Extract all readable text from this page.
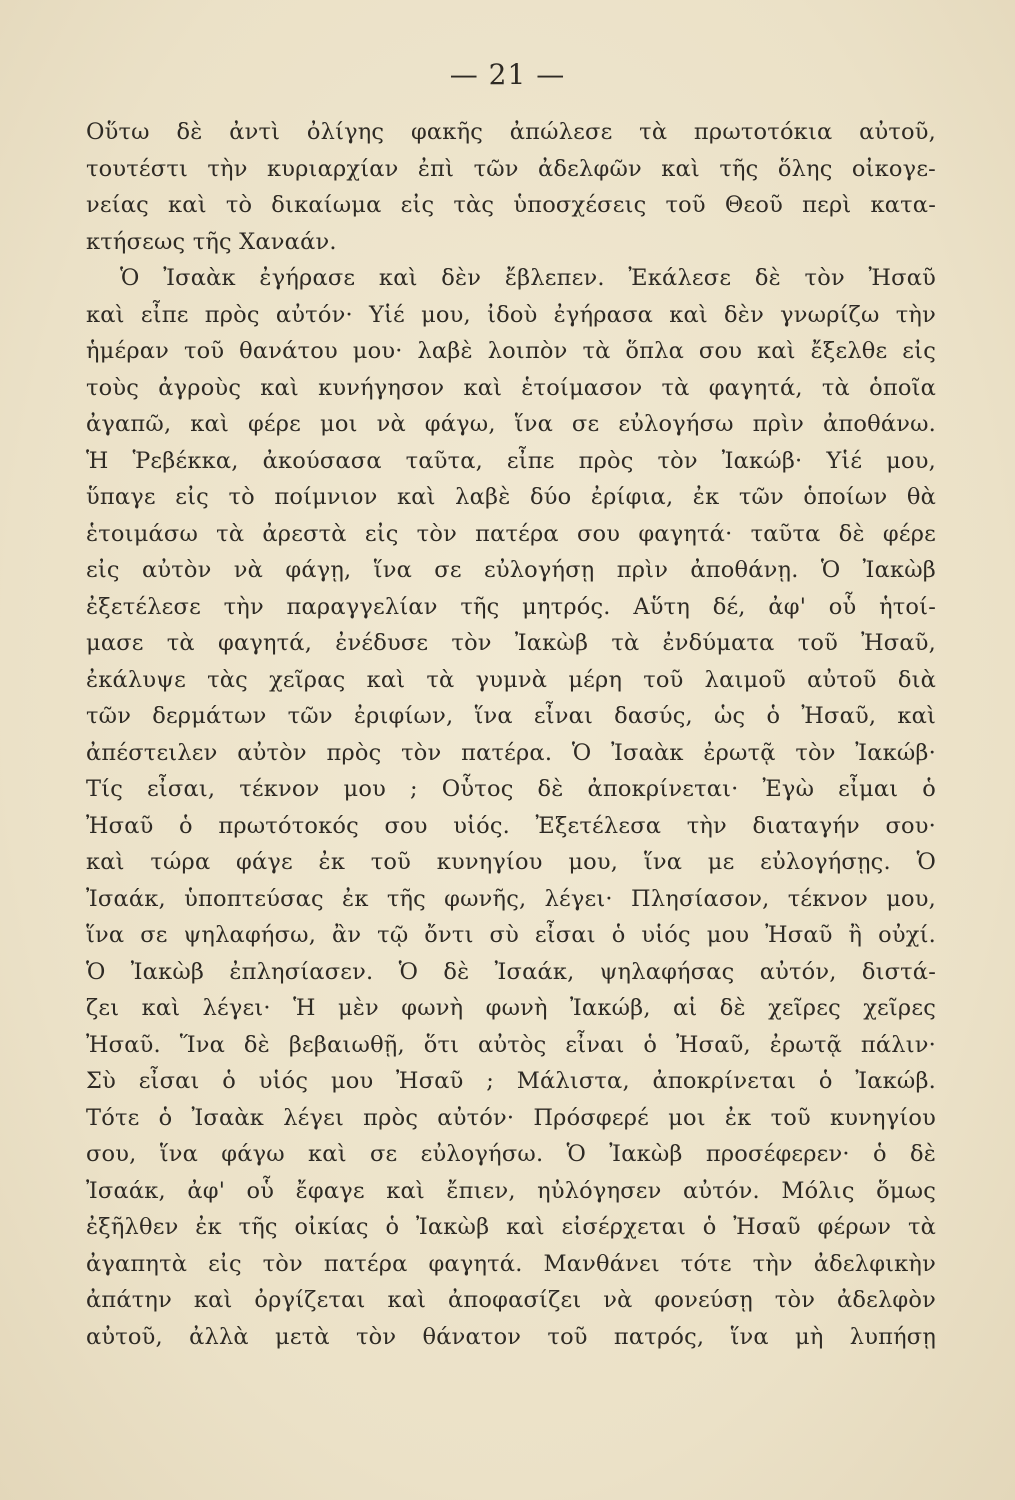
— 21 —
Οὕτω δὲ ἀντὶ ὀλίγης φακῆς ἀπώλεσε τὰ πρωτοτόκια αὐτοῦ,
τουτέστι τὴν κυριαρχίαν ἐπὶ τῶν ἀδελφῶν καὶ τῆς ὅλης οἰκογε-
νείας καὶ τὸ δικαίωμα εἰς τὰς ὑποσχέσεις τοῦ Θεοῦ περὶ κατα-
κτήσεως τῆς Χαναάν.
Ὁ Ἰσαὰκ ἐγήρασε καὶ δὲν ἔβλεπεν. Ἐκάλεσε δὲ τὸν Ἠσαῦ
καὶ εἶπε πρὸς αὐτόν· Υἱέ μου, ἰδοὺ ἐγήρασα καὶ δὲν γνωρίζω τὴν
ἡμέραν τοῦ θανάτου μου· λαβὲ λοιπὸν τὰ ὅπλα σου καὶ ἔξελθε εἰς
τοὺς ἀγροὺς καὶ κυνήγησον καὶ ἑτοίμασον τὰ φαγητά, τὰ ὁποῖα
ἀγαπῶ, καὶ φέρε μοι νὰ φάγω, ἵνα σε εὐλογήσω πρὶν ἀποθάνω.
Ἡ Ῥεβέκκα, ἀκούσασα ταῦτα, εἶπε πρὸς τὸν Ἰακώβ· Υἱέ μου,
ὕπαγε εἰς τὸ ποίμνιον καὶ λαβὲ δύο ἐρίφια, ἐκ τῶν ὁποίων θὰ
ἑτοιμάσω τὰ ἀρεστὰ εἰς τὸν πατέρα σου φαγητά· ταῦτα δὲ φέρε
εἰς αὐτὸν νὰ φάγῃ, ἵνα σε εὐλογήσῃ πρὶν ἀποθάνῃ. Ὁ Ἰακὼβ
ἐξετέλεσε τὴν παραγγελίαν τῆς μητρός. Αὕτη δέ, ἀφ' οὗ ἡτοί-
μασε τὰ φαγητά, ἐνέδυσε τὸν Ἰακὼβ τὰ ἐνδύματα τοῦ Ἠσαῦ,
ἐκάλυψε τὰς χεῖρας καὶ τὰ γυμνὰ μέρη τοῦ λαιμοῦ αὐτοῦ διὰ
τῶν δερμάτων τῶν ἐριφίων, ἵνα εἶναι δασύς, ὡς ὁ Ἠσαῦ, καὶ
ἀπέστειλεν αὐτὸν πρὸς τὸν πατέρα. Ὁ Ἰσαὰκ ἐρωτᾷ τὸν Ἰακώβ·
Τίς εἶσαι, τέκνον μου ; Οὗτος δὲ ἀποκρίνεται· Ἐγὼ εἶμαι ὁ
Ἠσαῦ ὁ πρωτότοκός σου υἱός. Ἐξετέλεσα τὴν διαταγήν σου·
καὶ τώρα φάγε ἐκ τοῦ κυνηγίου μου, ἵνα με εὐλογήσῃς. Ὁ
Ἰσαάκ, ὑποπτεύσας ἐκ τῆς φωνῆς, λέγει· Πλησίασον, τέκνον μου,
ἵνα σε ψηλαφήσω, ἂν τῷ ὄντι σὺ εἶσαι ὁ υἱός μου Ἠσαῦ ἢ οὐχί.
Ὁ Ἰακὼβ ἐπλησίασεν. Ὁ δὲ Ἰσαάκ, ψηλαφήσας αὐτόν, διστά-
ζει καὶ λέγει· Ἡ μὲν φωνὴ φωνὴ Ἰακώβ, αἱ δὲ χεῖρες χεῖρες
Ἠσαῦ. Ἵνα δὲ βεβαιωθῇ, ὅτι αὐτὸς εἶναι ὁ Ἠσαῦ, ἐρωτᾷ πάλιν·
Σὺ εἶσαι ὁ υἱός μου Ἠσαῦ ; Μάλιστα, ἀποκρίνεται ὁ Ἰακώβ.
Τότε ὁ Ἰσαὰκ λέγει πρὸς αὐτόν· Πρόσφερέ μοι ἐκ τοῦ κυνηγίου
σου, ἵνα φάγω καὶ σε εὐλογήσω. Ὁ Ἰακὼβ προσέφερεν· ὁ δὲ
Ἰσαάκ, ἀφ' οὗ ἔφαγε καὶ ἔπιεν, ηὐλόγησεν αὐτόν. Μόλις ὅμως
ἐξῆλθεν ἐκ τῆς οἰκίας ὁ Ἰακὼβ καὶ εἰσέρχεται ὁ Ἠσαῦ φέρων τὰ
ἀγαπητὰ εἰς τὸν πατέρα φαγητά. Μανθάνει τότε τὴν ἀδελφικὴν
ἀπάτην καὶ ὀργίζεται καὶ ἀποφασίζει νὰ φονεύσῃ τὸν ἀδελφὸν
αὐτοῦ, ἀλλὰ μετὰ τὸν θάνατον τοῦ πατρός, ἵνα μὴ λυπήσῃ
